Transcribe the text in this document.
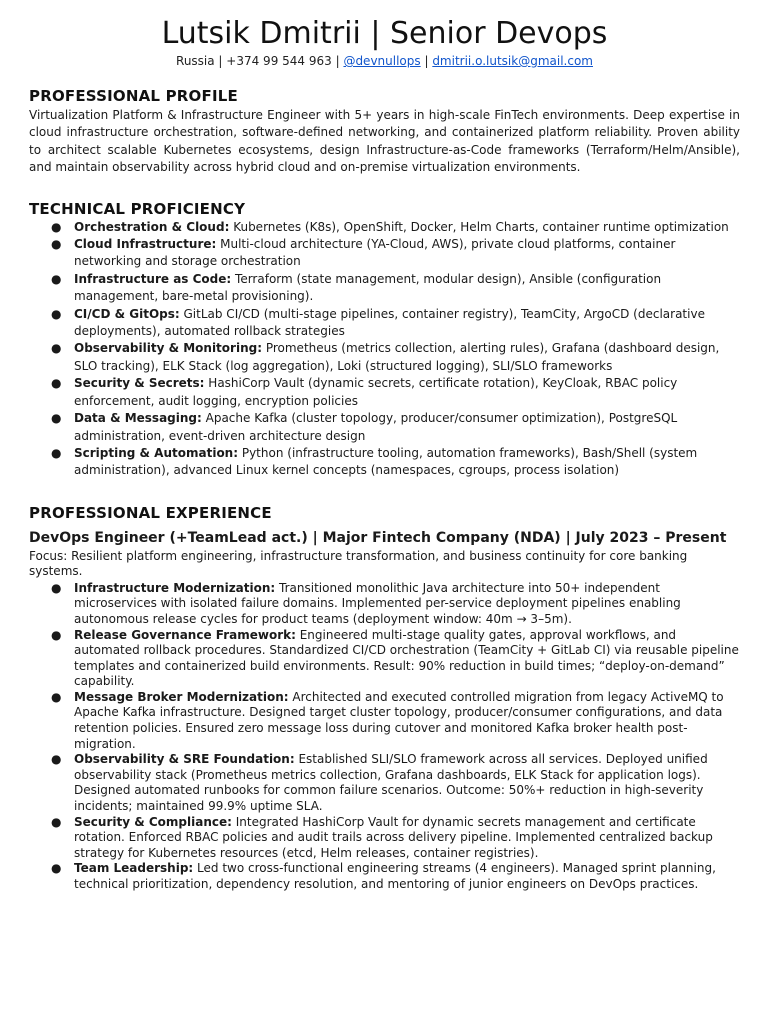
Lutsik Dmitrii | Senior Devops
Russia | +374 99 544 963 | @devnullops | dmitrii.o.lutsik@gmail.com
PROFESSIONAL PROFILE

Virtualization Platform & Infrastructure Engineer with 5+ years in high-scale FinTech environments. Deep expertise in cloud infrastructure orchestration, software-defined networking, and containerized platform reliability. Proven ability to architect scalable Kubernetes ecosystems, design Infrastructure-as-Code frameworks (Terraform/Helm/Ansible), and maintain observability across hybrid cloud and on-premise virtualization environments.

TECHNICAL PROFICIENCY
● Orchestration & Cloud: Kubernetes (K8s), OpenShift, Docker, Helm Charts, container runtime optimization
● Cloud Infrastructure: Multi-cloud architecture (YA-Cloud, AWS), private cloud platforms, container networking and storage orchestration
● Infrastructure as Code: Terraform (state management, modular design), Ansible (configuration management, bare-metal provisioning).
● CI/CD & GitOps: GitLab CI/CD (multi-stage pipelines, container registry), TeamCity, ArgoCD (declarative deployments), automated rollback strategies
● Observability & Monitoring: Prometheus (metrics collection, alerting rules), Grafana (dashboard design, SLO tracking), ELK Stack (log aggregation), Loki (structured logging), SLI/SLO frameworks
● Security & Secrets: HashiCorp Vault (dynamic secrets, certificate rotation), KeyCloak, RBAC policy enforcement, audit logging, encryption policies
● Data & Messaging: Apache Kafka (cluster topology, producer/consumer optimization), PostgreSQL administration, event-driven architecture design
● Scripting & Automation: Python (infrastructure tooling, automation frameworks), Bash/Shell (system administration), advanced Linux kernel concepts (namespaces, cgroups, process isolation)
PROFESSIONAL EXPERIENCE
DevOps Engineer (+TeamLead act.) | Major Fintech Company (NDA) | July 2023 – Present
Focus: Resilient platform engineering, infrastructure transformation, and business continuity for core banking systems.
● Infrastructure Modernization: Transitioned monolithic Java architecture into 50+ independent microservices with isolated failure domains. Implemented per-service deployment pipelines enabling autonomous release cycles for product teams (deployment window: 40m → 3–5m).
● Release Governance Framework: Engineered multi-stage quality gates, approval workflows, and automated rollback procedures. Standardized CI/CD orchestration (TeamCity + GitLab CI) via reusable pipeline templates and containerized build environments. Result: 90% reduction in build times; “deploy-on-demand” capability.
● Message Broker Modernization: Architected and executed controlled migration from legacy ActiveMQ to Apache Kafka infrastructure. Designed target cluster topology, producer/consumer configurations, and data retention policies. Ensured zero message loss during cutover and monitored Kafka broker health post-migration.
● Observability & SRE Foundation: Established SLI/SLO framework across all services. Deployed unified observability stack (Prometheus metrics collection, Grafana dashboards, ELK Stack for application logs). Designed automated runbooks for common failure scenarios. Outcome: 50%+ reduction in high-severity incidents; maintained 99.9% uptime SLA.
● Security & Compliance: Integrated HashiCorp Vault for dynamic secrets management and certificate rotation. Enforced RBAC policies and audit trails across delivery pipeline. Implemented centralized backup strategy for Kubernetes resources (etcd, Helm releases, container registries).
● Team Leadership: Led two cross-functional engineering streams (4 engineers). Managed sprint planning, technical prioritization, dependency resolution, and mentoring of junior engineers on DevOps practices.
